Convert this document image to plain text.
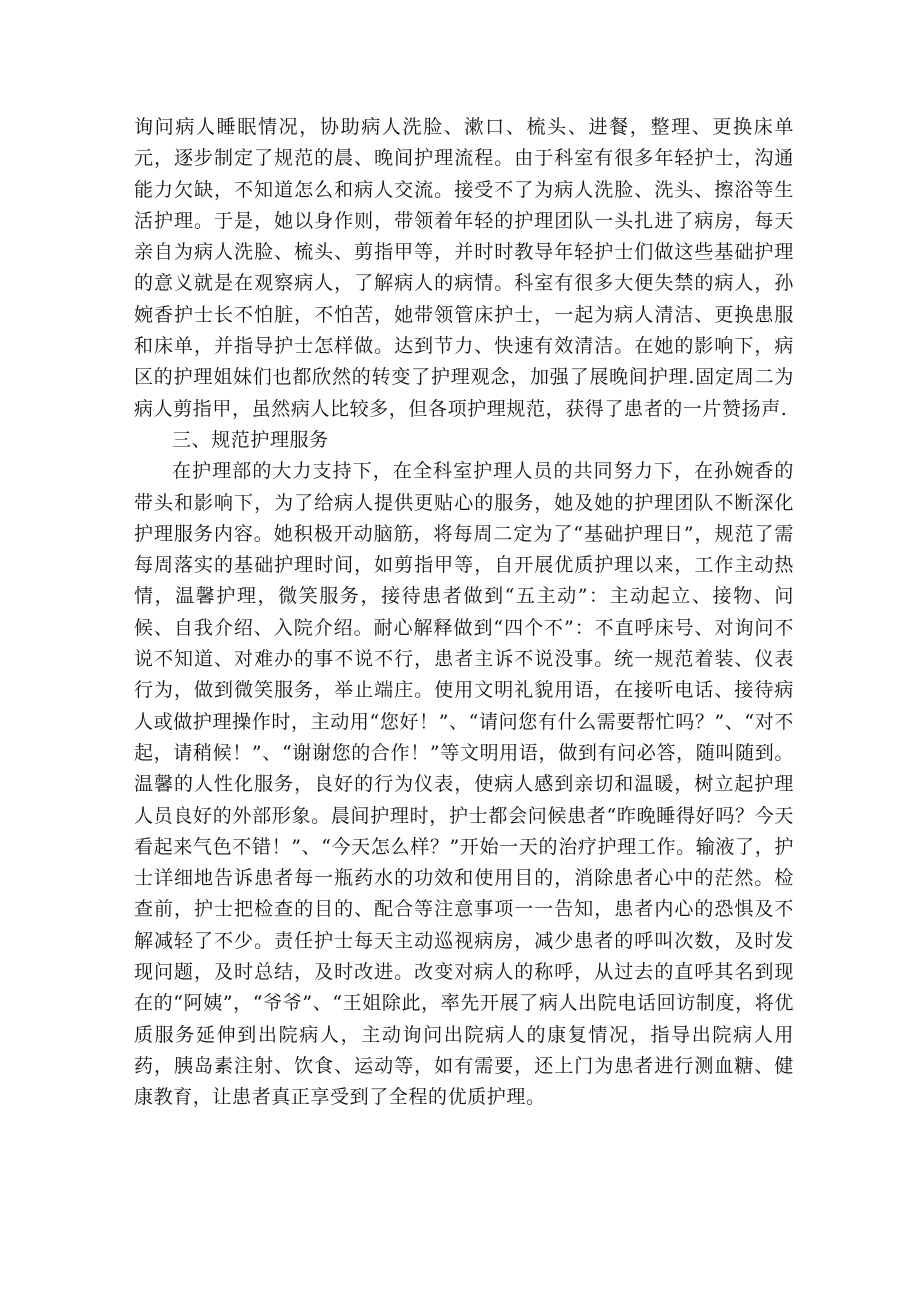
询问病人睡眠情况，协助病人洗脸、漱口、梳头、进餐，整理、更换床单元，逐步制定了规范的晨、晚间护理流程。由于科室有很多年轻护士，沟通能力欠缺，不知道怎么和病人交流。接受不了为病人洗脸、洗头、擦浴等生活护理。于是，她以身作则，带领着年轻的护理团队一头扎进了病房，每天亲自为病人洗脸、梳头、剪指甲等，并时时教导年轻护士们做这些基础护理的意义就是在观察病人，了解病人的病情。科室有很多大便失禁的病人，孙婉香护士长不怕脏，不怕苦，她带领管床护士，一起为病人清洁、更换患服和床单，并指导护士怎样做。达到节力、快速有效清洁。在她的影响下，病区的护理姐妹们也都欣然的转变了护理观念，加强了展晚间护理.固定周二为病人剪指甲，虽然病人比较多，但各项护理规范，获得了患者的一片赞扬声.

三、规范护理服务

在护理部的大力支持下，在全科室护理人员的共同努力下，在孙婉香的带头和影响下，为了给病人提供更贴心的服务，她及她的护理团队不断深化护理服务内容。她积极开动脑筋，将每周二定为了“基础护理日”，规范了需每周落实的基础护理时间，如剪指甲等，自开展优质护理以来，工作主动热情，温馨护理，微笑服务，接待患者做到“五主动”：主动起立、接物、问候、自我介绍、入院介绍。耐心解释做到“四个不”：不直呼床号、对询问不说不知道、对难办的事不说不行，患者主诉不说没事。统一规范着装、仪表行为，做到微笑服务，举止端庄。使用文明礼貌用语，在接听电话、接待病人或做护理操作时，主动用“您好！”、“请问您有什么需要帮忙吗？”、“对不起，请稍候！”、“谢谢您的合作！”等文明用语，做到有问必答，随叫随到。温馨的人性化服务，良好的行为仪表，使病人感到亲切和温暖，树立起护理人员良好的外部形象。晨间护理时，护士都会问候患者“昨晚睡得好吗？今天看起来气色不错！”、“今天怎么样？”开始一天的治疗护理工作。输液了，护士详细地告诉患者每一瓶药水的功效和使用目的，消除患者心中的茫然。检查前，护士把检查的目的、配合等注意事项一一告知，患者内心的恐惧及不解减轻了不少。责任护士每天主动巡视病房，减少患者的呼叫次数，及时发现问题，及时总结，及时改进。改变对病人的称呼，从过去的直呼其名到现在的“阿姨”，“爷爷”、“王姐除此，率先开展了病人出院电话回访制度，将优质服务延伸到出院病人，主动询问出院病人的康复情况，指导出院病人用药，胰岛素注射、饮食、运动等，如有需要，还上门为患者进行测血糖、健康教育，让患者真正享受到了全程的优质护理。
